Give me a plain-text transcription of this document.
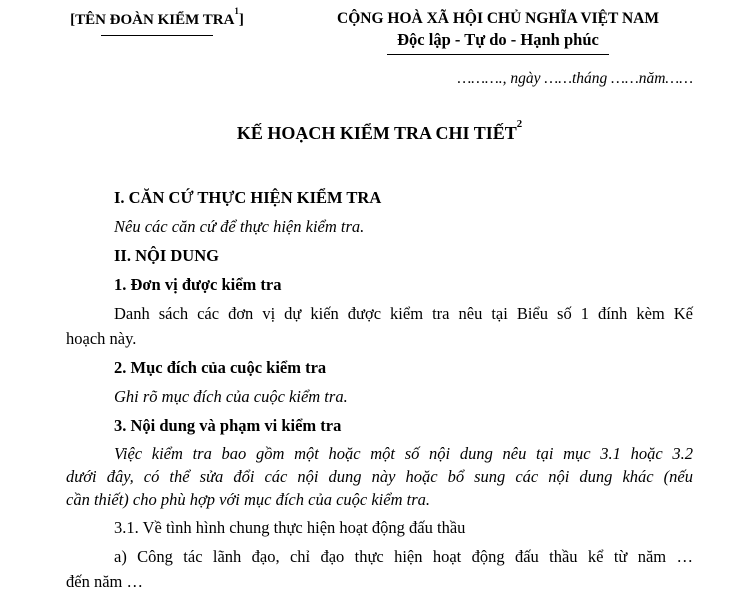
[TÊN ĐOÀN KIỂM TRA$^1$]	CỘNG HOÀ XÃ HỘI CHỦ NGHĨA VIỆT NAM
Độc lập - Tự do - Hạnh phúc
………., ngày ……tháng ……năm……
KẾ HOẠCH KIỂM TRA CHI TIẾT$^2$
I. CĂN CỨ THỰC HIỆN KIỂM TRA
Nêu các căn cứ để thực hiện kiểm tra.
II. NỘI DUNG
1. Đơn vị được kiểm tra
Danh sách các đơn vị dự kiến được kiểm tra nêu tại Biểu số 1 đính kèm Kế
hoạch này.
2. Mục đích của cuộc kiểm tra
Ghi rõ mục đích của cuộc kiểm tra.
3. Nội dung và phạm vi kiểm tra
Việc kiểm tra bao gồm một hoặc một số nội dung nêu tại mục 3.1 hoặc 3.2
dưới đây, có thể sửa đổi các nội dung này hoặc bổ sung các nội dung khác (nếu
cần thiết) cho phù hợp với mục đích của cuộc kiểm tra.
3.1. Về tình hình chung thực hiện hoạt động đấu thầu
a) Công tác lãnh đạo, chỉ đạo thực hiện hoạt động đấu thầu kể từ năm …
đến năm …
